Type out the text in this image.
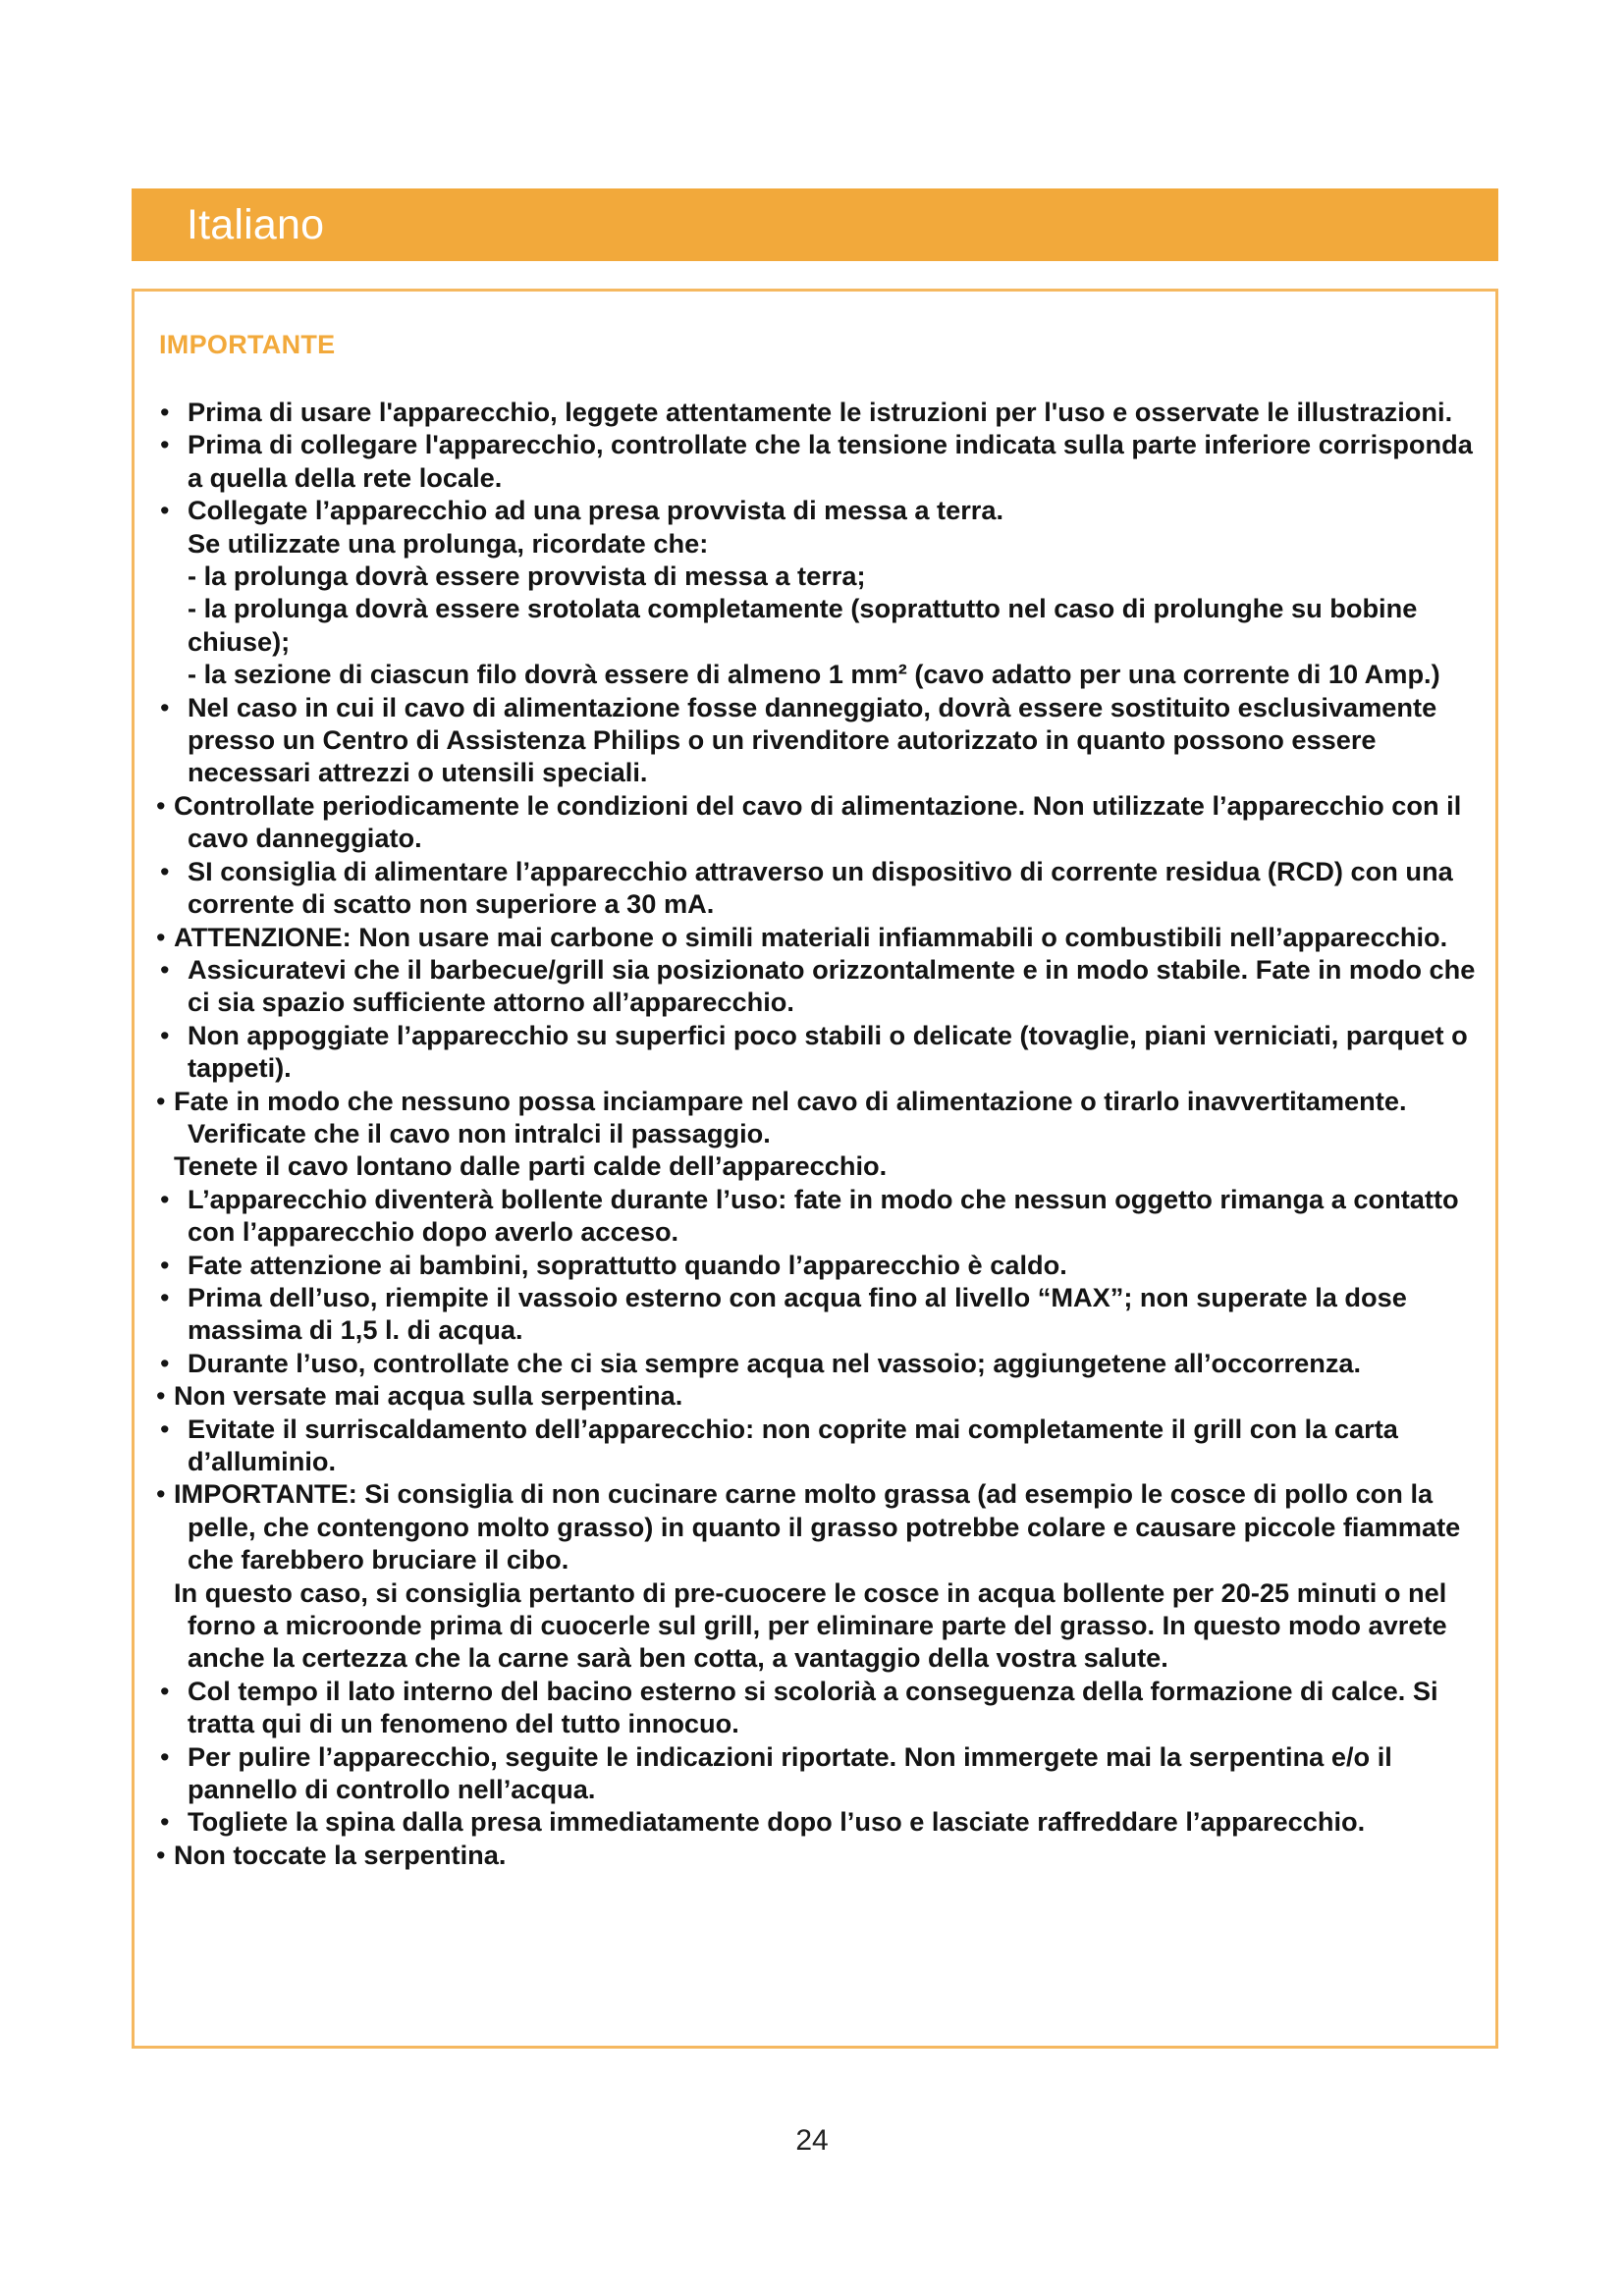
Italiano
IMPORTANTE
• Prima di usare l'apparecchio, leggete attentamente le istruzioni per l'uso e osservate le illustrazioni.
• Prima di collegare l'apparecchio, controllate che la tensione indicata sulla parte inferiore corrisponda a quella della rete locale.
• Collegate l’apparecchio ad una presa provvista di messa a terra.
Se utilizzate una prolunga, ricordate che:
- la prolunga dovrà essere provvista di messa a terra;
- la prolunga dovrà essere srotolata completamente (soprattutto nel caso di prolunghe su bobine chiuse);
- la sezione di ciascun filo dovrà essere di almeno 1 mm² (cavo adatto per una corrente di 10 Amp.)
• Nel caso in cui il cavo di alimentazione fosse danneggiato, dovrà essere sostituito esclusivamente presso un Centro di Assistenza Philips o un rivenditore autorizzato in quanto possono essere necessari attrezzi o utensili speciali.
• Controllate periodicamente le condizioni del cavo di alimentazione. Non utilizzate l’apparecchio con il cavo danneggiato.
• SI consiglia di alimentare l’apparecchio attraverso un dispositivo di corrente residua (RCD) con una corrente di scatto non superiore a 30 mA.
• ATTENZIONE: Non usare mai carbone o simili materiali infiammabili o combustibili nell’apparecchio.
• Assicuratevi che il barbecue/grill sia posizionato orizzontalmente e in modo stabile. Fate in modo che ci sia spazio sufficiente attorno all’apparecchio.
• Non appoggiate l’apparecchio su superfici poco stabili o delicate (tovaglie, piani verniciati, parquet o tappeti).
• Fate in modo che nessuno possa inciampare nel cavo di alimentazione o tirarlo inavvertitamente. Verificate che il cavo non intralci il passaggio.
Tenete il cavo lontano dalle parti calde dell’apparecchio.
• L’apparecchio diventerà bollente durante l’uso: fate in modo che nessun oggetto rimanga a contatto con l’apparecchio dopo averlo acceso.
• Fate attenzione ai bambini, soprattutto quando l’apparecchio è caldo.
• Prima dell’uso, riempite il vassoio esterno con acqua fino al livello “MAX”; non superate la dose massima di 1,5 l. di acqua.
• Durante l’uso, controllate che ci sia sempre acqua nel vassoio; aggiungetene all’occorrenza.
• Non versate mai acqua sulla serpentina.
• Evitate il surriscaldamento dell’apparecchio: non coprite mai completamente il grill con la carta d’alluminio.
• IMPORTANTE: Si consiglia di non cucinare carne molto grassa (ad esempio le cosce di pollo con la pelle, che contengono molto grasso) in quanto il grasso potrebbe colare e causare piccole fiammate che farebbero bruciare il cibo.
In questo caso, si consiglia pertanto di pre-cuocere le cosce in acqua bollente per 20-25 minuti o nel forno a microonde prima di cuocerle sul grill, per eliminare parte del grasso. In questo modo avrete anche la certezza che la carne sarà ben cotta, a vantaggio della vostra salute.
• Col tempo il lato interno del bacino esterno si scolorià a conseguenza della formazione di calce. Si tratta qui di un fenomeno del tutto innocuo.
• Per pulire l’apparecchio, seguite le indicazioni riportate. Non immergete mai la serpentina e/o il pannello di controllo nell’acqua.
• Togliete la spina dalla presa immediatamente dopo l’uso e lasciate raffreddare l’apparecchio.
• Non toccate la serpentina.
24
